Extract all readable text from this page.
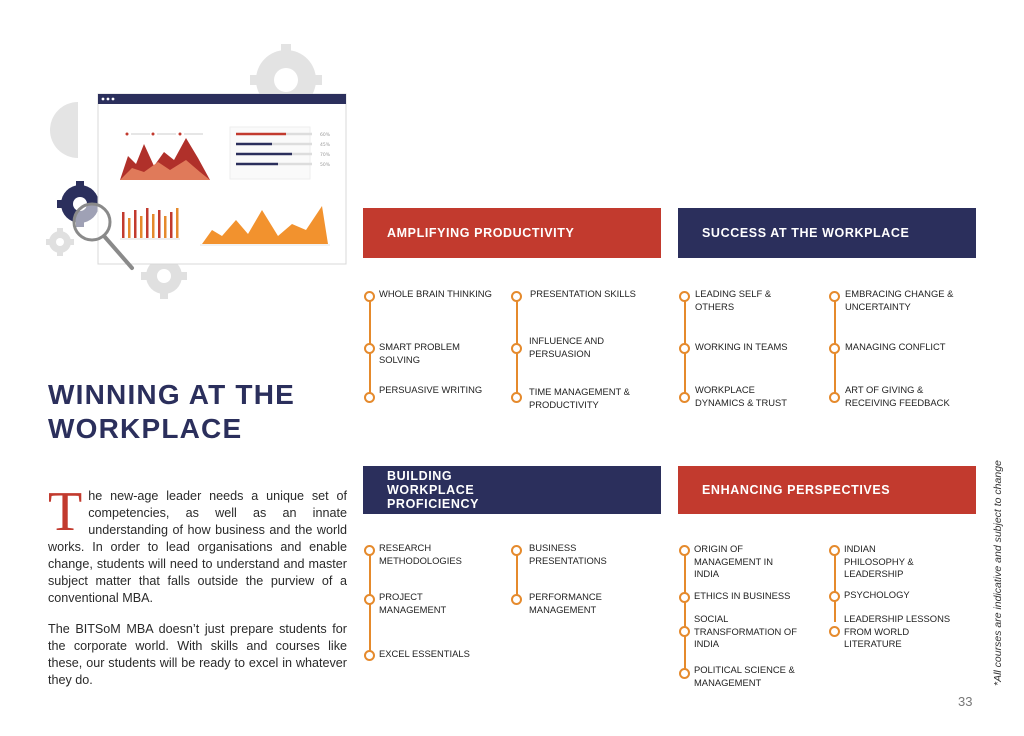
60%
45%
70%
50%
WINNING AT THE WORKPLACE

The new-age leader needs a unique set of competencies, as well as an innate understanding of how business and the world works. In order to lead organisations and enable change, students will need to understand and master subject matter that falls outside the purview of a conventional MBA.

The BITSoM MBA doesn’t just prepare students for the corporate world. With skills and courses like these, our students will be ready to excel in whatever they do.

AMPLIFYING PRODUCTIVITY	SUCCESS AT THE WORKPLACE
BUILDING WORKPLACE PROFICIENCY
ENHANCING PERSPECTIVES
WHOLE BRAIN THINKING
SMART PROBLEM SOLVING
PERSUASIVE WRITING
PRESENTATION SKILLS
INFLUENCE AND PERSUASION
TIME MANAGEMENT & PRODUCTIVITY
LEADING SELF & OTHERS
WORKING IN TEAMS
WORKPLACE DYNAMICS & TRUST
EMBRACING CHANGE & UNCERTAINTY
MANAGING CONFLICT
ART OF GIVING & RECEIVING FEEDBACK
RESEARCH METHODOLOGIES
PROJECT MANAGEMENT
EXCEL ESSENTIALS
BUSINESS PRESENTATIONS
PERFORMANCE MANAGEMENT
ORIGIN OF MANAGEMENT IN INDIA
ETHICS IN BUSINESS
SOCIAL TRANSFORMATION OF INDIA
POLITICAL SCIENCE & MANAGEMENT
INDIAN PHILOSOPHY & LEADERSHIP
PSYCHOLOGY
LEADERSHIP LESSONS FROM WORLD LITERATURE	*All courses are indicative and subject to change
33
